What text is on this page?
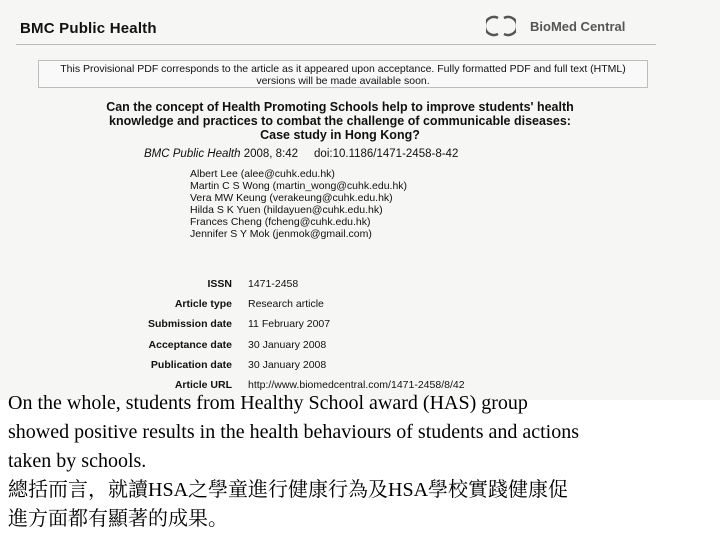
BMC Public Health	BioMed Central
This Provisional PDF corresponds to the article as it appeared upon acceptance. Fully formatted PDF and full text (HTML) versions will be made available soon.
Can the concept of Health Promoting Schools help to improve students' health
knowledge and practices to combat the challenge of communicable diseases:
Case study in Hong Kong?
BMC Public Health 2008, 8:42     doi:10.1186/1471-2458-8-42
Albert Lee (alee@cuhk.edu.hk)
Martin C S Wong (martin_wong@cuhk.edu.hk)
Vera MW Keung (verakeung@cuhk.edu.hk)
Hilda S K Yuen (hildayuen@cuhk.edu.hk)
Frances Cheng (fcheng@cuhk.edu.hk)
Jennifer S Y Mok (jenmok@gmail.com)
ISSN	1471-2458
Article type	Research article
Submission date	11 February 2007
Acceptance date	30 January 2008
Publication date	30 January 2008
Article URL	http://www.biomedcentral.com/1471-2458/8/42
On the whole, students from Healthy School award (HAS) group
showed positive results in the health behaviours of students and actions
taken by schools.
總括而言，就讀HSA之學童進行健康行為及HSA學校實踐健康促
進方面都有顯著的成果。
